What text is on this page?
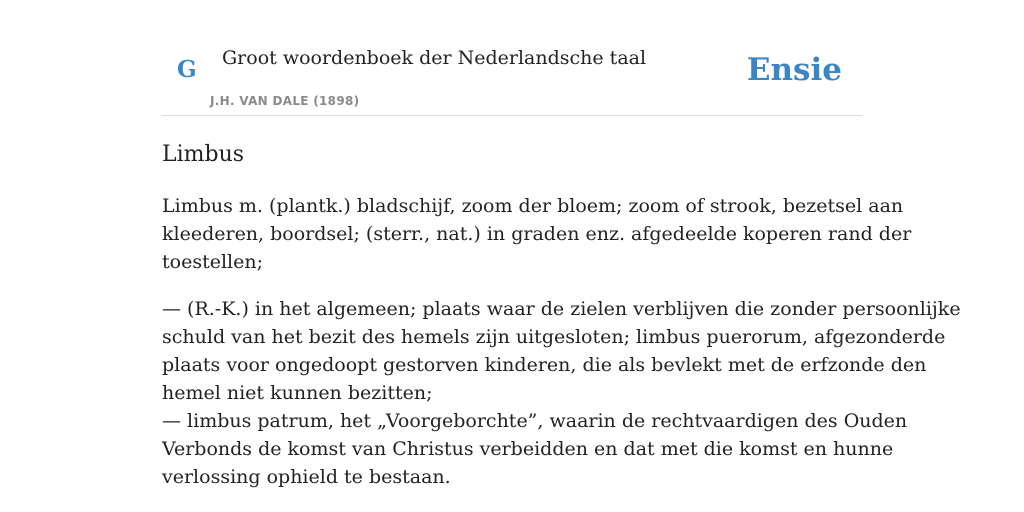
G Groot woordenboek der Nederlandsche taal
J.H. VAN DALE (1898)
Ensie
Limbus

Limbus m. (plantk.) bladschijf, zoom der bloem; zoom of strook, bezetsel aan
kleederen, boordsel; (sterr., nat.) in graden enz. afgedeelde koperen rand der
toestellen;

— (R.-K.) in het algemeen; plaats waar de zielen verblijven die zonder persoonlijke
schuld van het bezit des hemels zijn uitgesloten; limbus puerorum, afgezonderde
plaats voor ongedoopt gestorven kinderen, die als bevlekt met de erfzonde den
hemel niet kunnen bezitten;
— limbus patrum, het „Voorgeborchte”, waarin de rechtvaardigen des Ouden
Verbonds de komst van Christus verbeidden en dat met die komst en hunne
verlossing ophield te bestaan.
